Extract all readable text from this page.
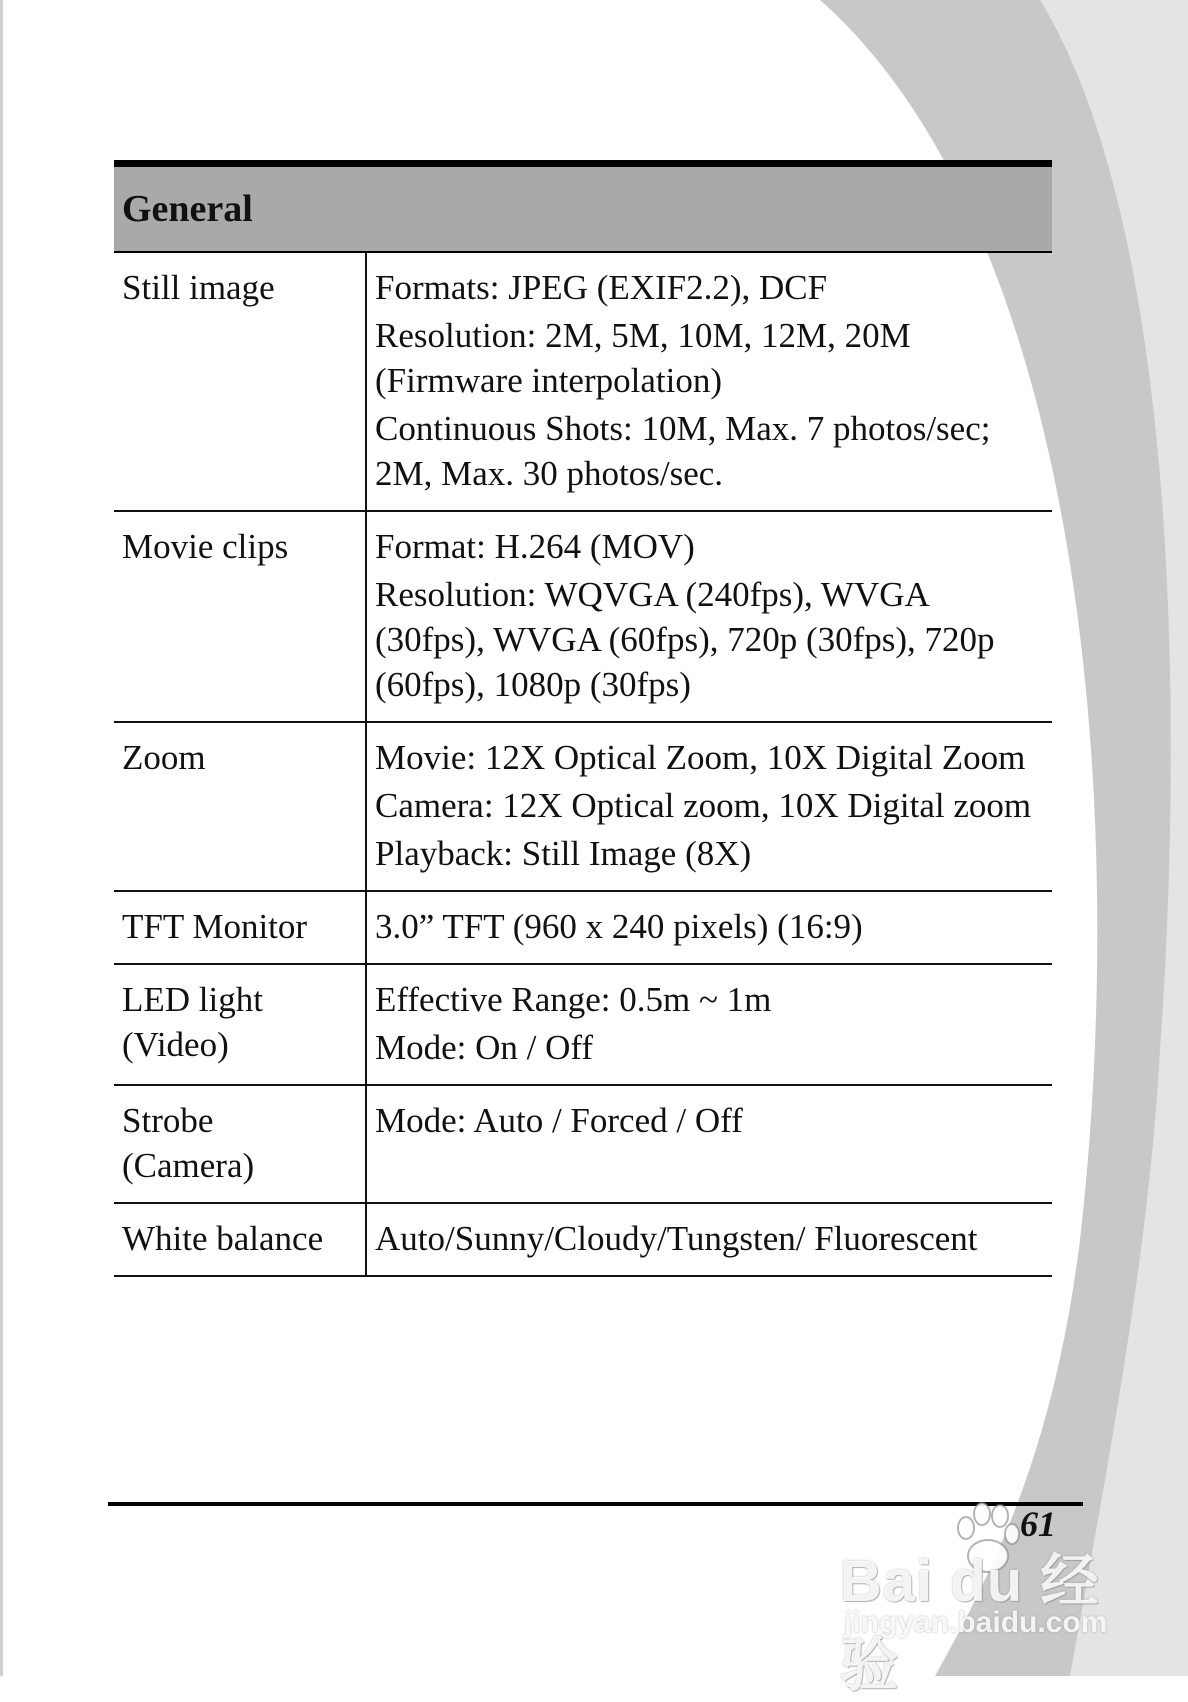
General	

Still image	Formats: JPEG (EXIF2.2), DCF
Resolution: 2M, 5M, 10M, 12M, 20M (Firmware interpolation)
Continuous Shots: 10M, Max. 7 photos/sec; 2M, Max. 30 photos/sec.

Movie clips	Format: H.264 (MOV)
Resolution: WQVGA (240fps), WVGA (30fps), WVGA (60fps), 720p (30fps), 720p (60fps), 1080p (30fps)

Zoom	Movie: 12X Optical Zoom, 10X Digital Zoom
Camera: 12X Optical zoom, 10X Digital zoom
Playback: Still Image (8X)

TFT Monitor	3.0” TFT (960 x 240 pixels) (16:9)

LED light
(Video)	Effective Range: 0.5m ~ 1m
Mode: On / Off

Strobe
(Camera)	Mode: Auto / Forced / Off

White balance	Auto/Sunny/Cloudy/Tungsten/ Fluorescent
61
Bai du 经验
jingyan.baidu.com
